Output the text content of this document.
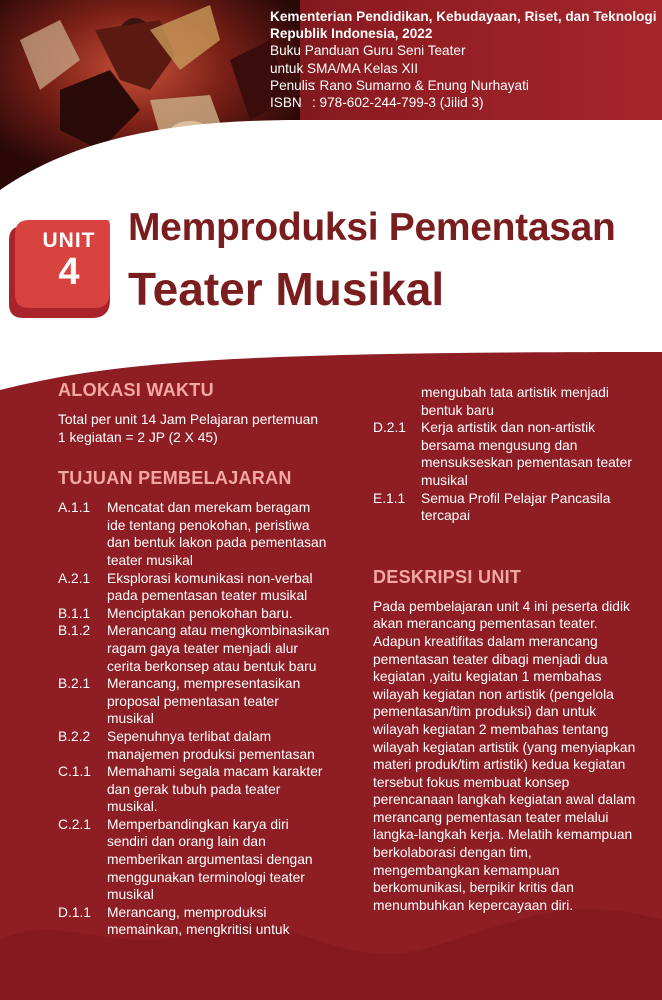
Kementerian Pendidikan, Kebudayaan, Riset, dan Teknologi
Republik Indonesia, 2022
Buku Panduan Guru Seni Teater
untuk SMA/MA Kelas XII
Penulis
: Rano Sumarno & Enung Nurhayati
ISBN : 978-602-244-799-3 (Jilid 3)
UNIT
4
Memproduksi Pementasan
Teater Musikal
ALOKASI WAKTU

Total per unit 14 Jam Pelajaran pertemuan

1 kegiatan = 2 JP (2 X 45)

TUJUAN PEMBELAJARAN
A.1.1	Mencatat dan merekam beragam
ide tentang penokohan, peristiwa
dan bentuk lakon pada pementasan
teater musikal
A.2.1	Eksplorasi komunikasi non-verbal
pada pementasan teater musikal
B.1.1	Menciptakan penokohan baru.
B.1.2	Merancang atau mengkombinasikan
ragam gaya teater menjadi alur
cerita berkonsep atau bentuk baru
B.2.1	Merancang, mempresentasikan
proposal pementasan teater
musikal
B.2.2	Sepenuhnya terlibat dalam
manajemen produksi pementasan
C.1.1	Memahami segala macam karakter
dan gerak tubuh pada teater
musikal.
C.2.1	Memperbandingkan karya diri
sendiri dan orang lain dan
memberikan argumentasi dengan
menggunakan terminologi teater
musikal
D.1.1	Merancang, memproduksi
memainkan, mengkritisi untuk
mengubah tata artistik menjadi
bentuk baru
D.2.1	Kerja artistik dan non-artistik
bersama mengusung dan
mensukseskan pementasan teater
musikal
E.1.1	Semua Profil Pelajar Pancasila
tercapai
DESKRIPSI UNIT
Pada pembelajaran unit 4 ini peserta didik
akan merancang pementasan teater.
Adapun kreatifitas dalam merancang
pementasan teater dibagi menjadi dua
kegiatan ,yaitu kegiatan 1 membahas
wilayah kegiatan non artistik (pengelola
pementasan/tim produksi) dan untuk
wilayah kegiatan 2 membahas tentang
wilayah kegiatan artistik (yang menyiapkan
materi produk/tim artistik) kedua kegiatan
tersebut fokus membuat konsep
perencanaan langkah kegiatan awal dalam
merancang pementasan teater melalui
langka-langkah kerja. Melatih kemampuan
berkolaborasi dengan tim,
mengembangkan kemampuan
berkomunikasi, berpikir kritis dan
menumbuhkan kepercayaan diri.
